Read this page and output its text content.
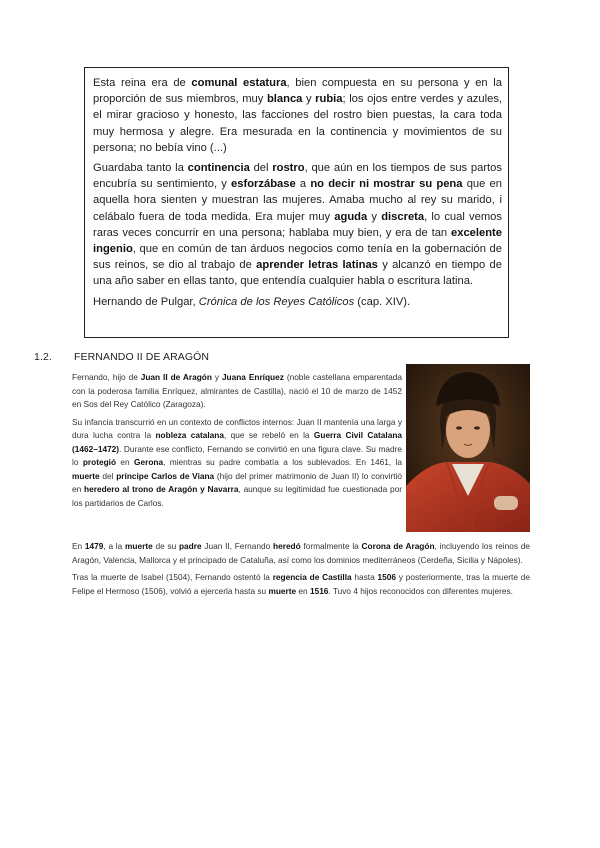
Esta reina era de comunal estatura, bien compuesta en su persona y en la proporción de sus miembros, muy blanca y rubia; los ojos entre verdes y azules, el mirar gracioso y honesto, las facciones del rostro bien puestas, la cara toda muy hermosa y alegre. Era mesurada en la continencia y movimientos de su persona; no bebía vino (...)

Guardaba tanto la continencia del rostro, que aún en los tiempos de sus partos encubría su sentimiento, y esforzábase a no decir ni mostrar su pena que en aquella hora sienten y muestran las mujeres. Amaba mucho al rey su marido, i celábalo fuera de toda medida. Era mujer muy aguda y discreta, lo cual vemos raras veces concurrir en una persona; hablaba muy bien, y era de tan excelente ingenio, que en común de tan árduos negocios como tenía en la gobernación de sus reinos, se dio al trabajo de aprender letras latinas y alcanzó en tiempo de una año saber en ellas tanto, que entendía cualquier habla o escritura latina.

Hernando de Pulgar, Crónica de los Reyes Católicos (cap. XIV).

1.2. FERNANDO II DE ARAGÓN

Fernando, hijo de Juan II de Aragón y Juana Enríquez (noble castellana emparentada con la poderosa familia Enríquez, almirantes de Castilla), nació el 10 de marzo de 1452 en Sos del Rey Católico (Zaragoza).

Su infancia transcurrió en un contexto de conflictos internos: Juan II mantenía una larga y dura lucha contra la nobleza catalana, que se rebeló en la Guerra Civil Catalana (1462–1472). Durante ese conflicto, Fernando se convirtió en una figura clave. Su madre lo protegió en Gerona, mientras su padre combatía a los sublevados. En 1461, la muerte del príncipe Carlos de Viana (hijo del primer matrimonio de Juan II) lo convirtió en heredero al trono de Aragón y Navarra, aunque su legitimidad fue cuestionada por los partidarios de Carlos.

En 1479, a la muerte de su padre Juan II, Fernando heredó formalmente la Corona de Aragón, incluyendo los reinos de Aragón, Valencia, Mallorca y el principado de Cataluña, así como los dominios mediterráneos (Cerdeña, Sicilia y Nápoles).

Tras la muerte de Isabel (1504), Fernando ostentó la regencia de Castilla hasta 1506 y posteriormente, tras la muerte de Felipe el Hermoso (1506), volvió a ejercerla hasta su muerte en 1516. Tuvo 4 hijos reconocidos con diferentes mujeres.
